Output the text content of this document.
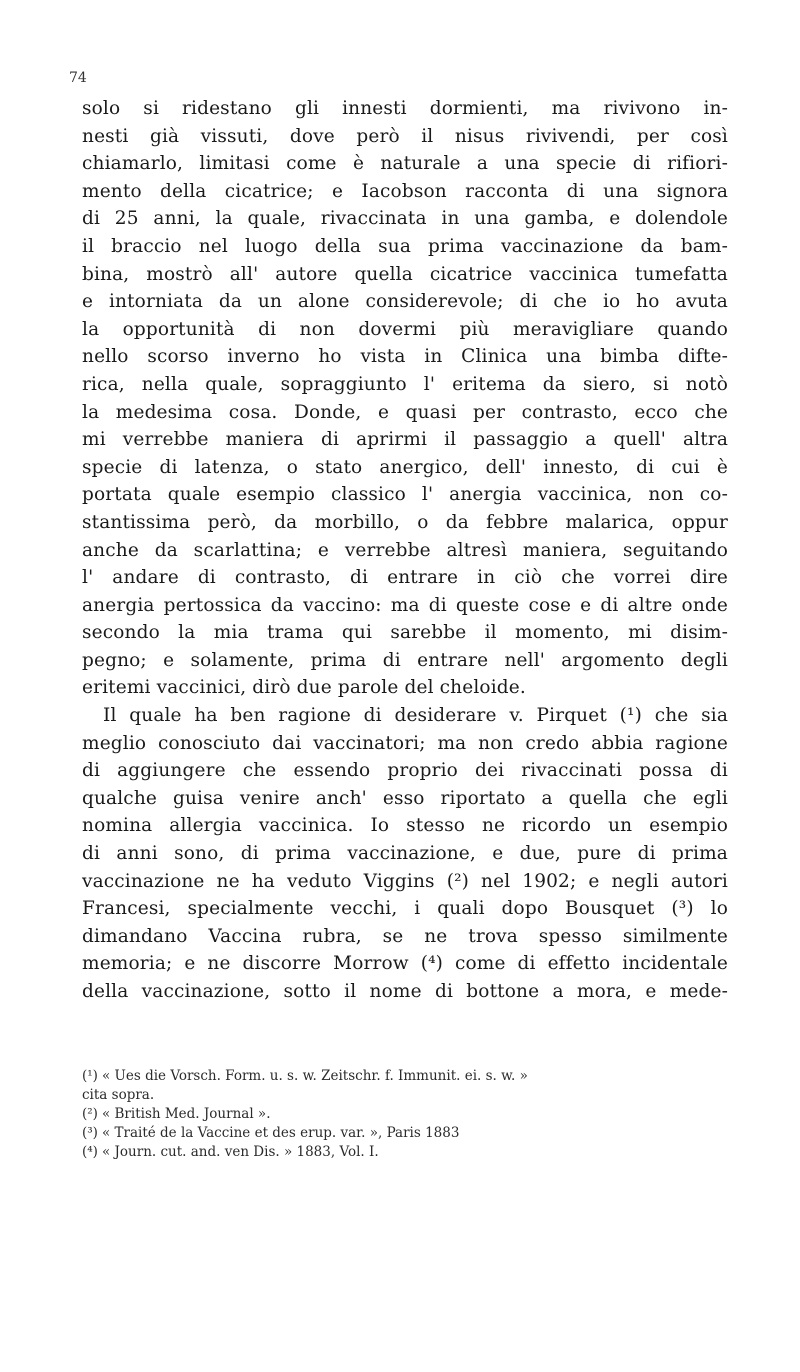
74

solo si ridestano gli innesti dormienti, ma rivivono in-
nesti già vissuti, dove però il nisus rivivendi, per così
chiamarlo, limitasi come è naturale a una specie di rifiori-
mento della cicatrice; e Iacobson racconta di una signora
di 25 anni, la quale, rivaccinata in una gamba, e dolendole
il braccio nel luogo della sua prima vaccinazione da bam-
bina, mostrò all' autore quella cicatrice vaccinica tumefatta
e intorniata da un alone considerevole; di che io ho avuta
la opportunità di non dovermi più meravigliare quando
nello scorso inverno ho vista in Clinica una bimba difte-
rica, nella quale, sopraggiunto l' eritema da siero, si notò
la medesima cosa. Donde, e quasi per contrasto, ecco che
mi verrebbe maniera di aprirmi il passaggio a quell' altra
specie di latenza, o stato anergico, dell' innesto, di cui è
portata quale esempio classico l' anergia vaccinica, non co-
stantissima però, da morbillo, o da febbre malarica, oppur
anche da scarlattina; e verrebbe altresì maniera, seguitando
l' andare di contrasto, di entrare in ciò che vorrei dire
anergia pertossica da vaccino: ma di queste cose e di altre onde
secondo la mia trama qui sarebbe il momento, mi disim-
pegno; e solamente, prima di entrare nell' argomento degli
eritemi vaccinici, dirò due parole del cheloide.

Il quale ha ben ragione di desiderare v. Pirquet (¹) che sia
meglio conosciuto dai vaccinatori; ma non credo abbia ragione
di aggiungere che essendo proprio dei rivaccinati possa di
qualche guisa venire anch' esso riportato a quella che egli
nomina allergia vaccinica. Io stesso ne ricordo un esempio
di anni sono, di prima vaccinazione, e due, pure di prima
vaccinazione ne ha veduto Viggins (²) nel 1902; e negli autori
Francesi, specialmente vecchi, i quali dopo Bousquet (³) lo
dimandano Vaccina rubra, se ne trova spesso similmente
memoria; e ne discorre Morrow (⁴) come di effetto incidentale
della vaccinazione, sotto il nome di bottone a mora, e mede-

(¹) « Ues die Vorsch. Form. u. s. w. Zeitschr. f. Immunit. ei. s. w. »
cita sopra.
(²) « British Med. Journal ».
(³) « Traité de la Vaccine et des erup. var. », Paris 1883
(⁴) « Journ. cut. and. ven Dis. » 1883, Vol. I.
